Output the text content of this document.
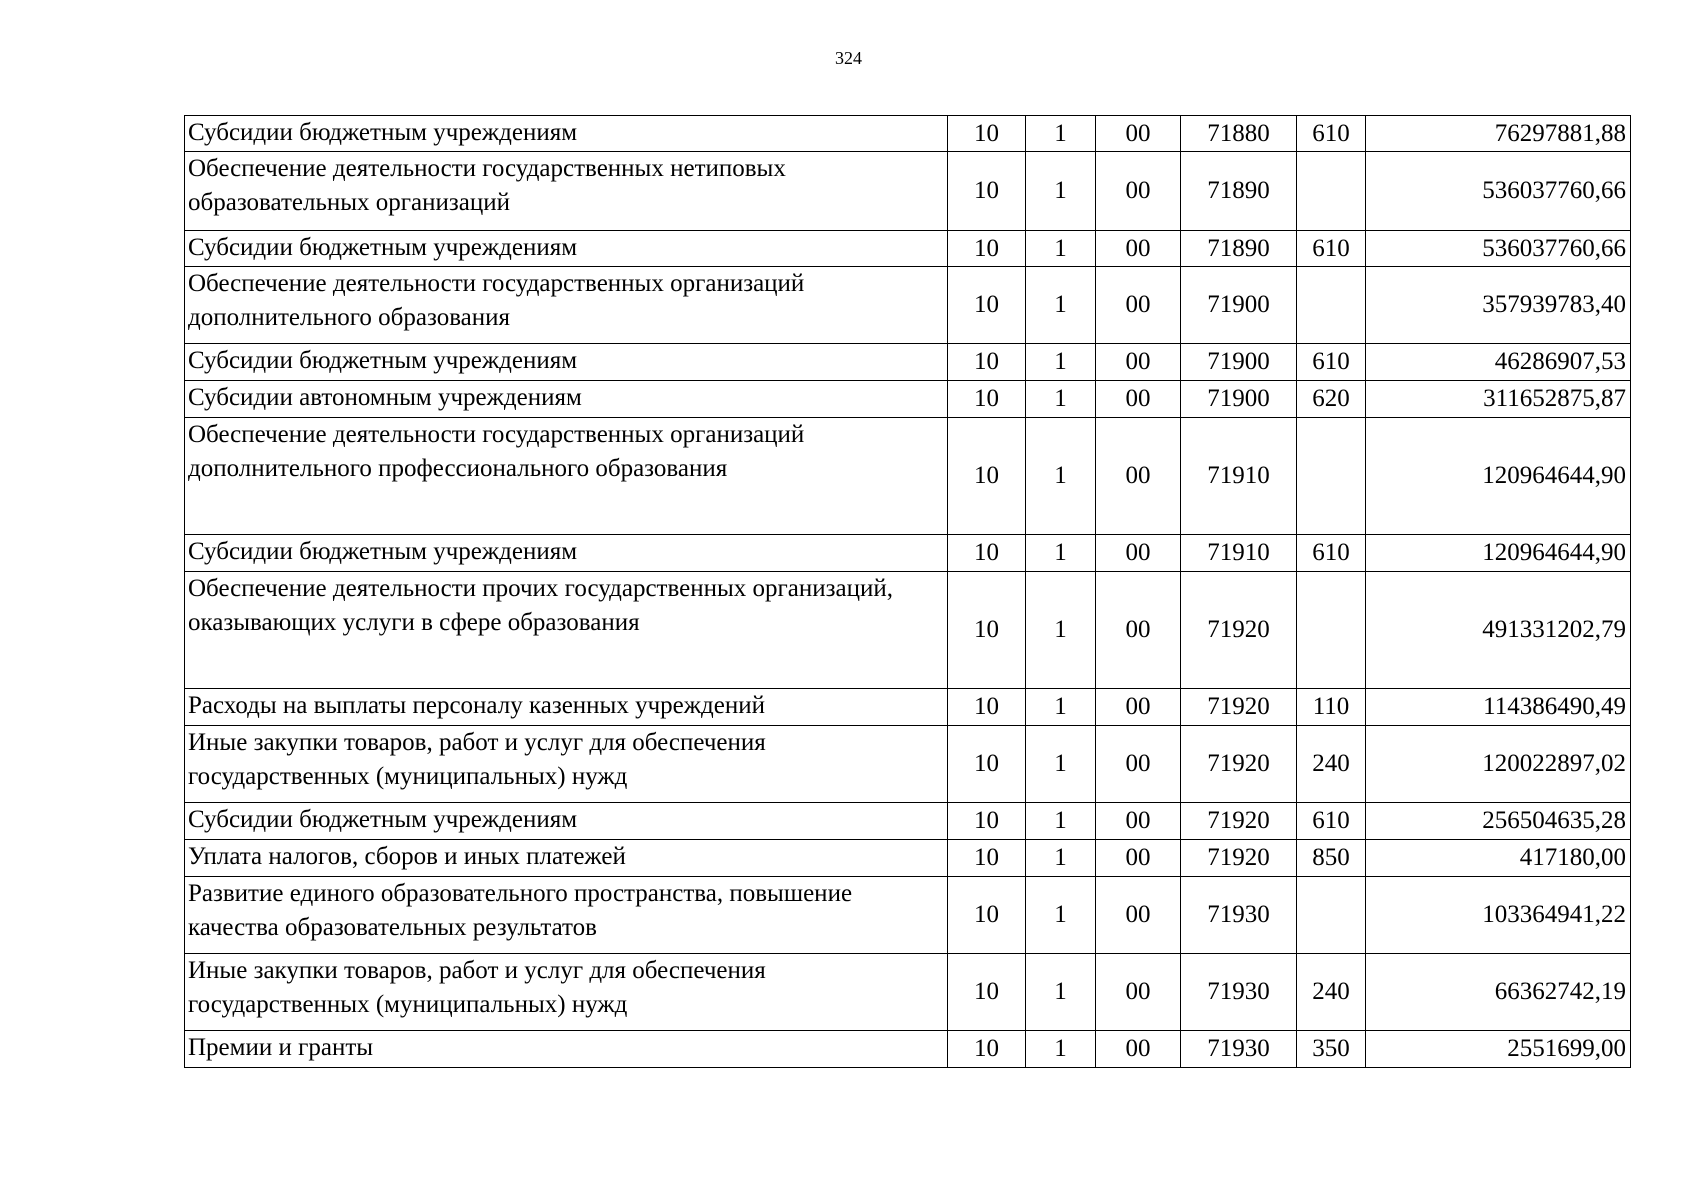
324
Субсидии бюджетным учреждениям	10	1	00	71880	610	76297881,88
Обеспечение деятельности государственных нетиповых образовательных организаций	10	1	00	71890		536037760,66
Субсидии бюджетным учреждениям	10	1	00	71890	610	536037760,66
Обеспечение деятельности государственных организаций дополнительного образования	10	1	00	71900		357939783,40
Субсидии бюджетным учреждениям	10	1	00	71900	610	46286907,53
Субсидии автономным учреждениям	10	1	00	71900	620	311652875,87
Обеспечение деятельности государственных организаций дополнительного профессионального образования	10	1	00	71910		120964644,90
Субсидии бюджетным учреждениям	10	1	00	71910	610	120964644,90
Обеспечение деятельности прочих государственных организаций, оказывающих услуги в сфере образования	10	1	00	71920		491331202,79
Расходы на выплаты персоналу казенных учреждений	10	1	00	71920	110	114386490,49
Иные закупки товаров, работ и услуг для обеспечения государственных (муниципальных) нужд	10	1	00	71920	240	120022897,02
Субсидии бюджетным учреждениям	10	1	00	71920	610	256504635,28
Уплата налогов, сборов и иных платежей	10	1	00	71920	850	417180,00
Развитие единого образовательного пространства, повышение качества образовательных результатов	10	1	00	71930		103364941,22
Иные закупки товаров, работ и услуг для обеспечения государственных (муниципальных) нужд	10	1	00	71930	240	66362742,19
Премии и гранты	10	1	00	71930	350	2551699,00
